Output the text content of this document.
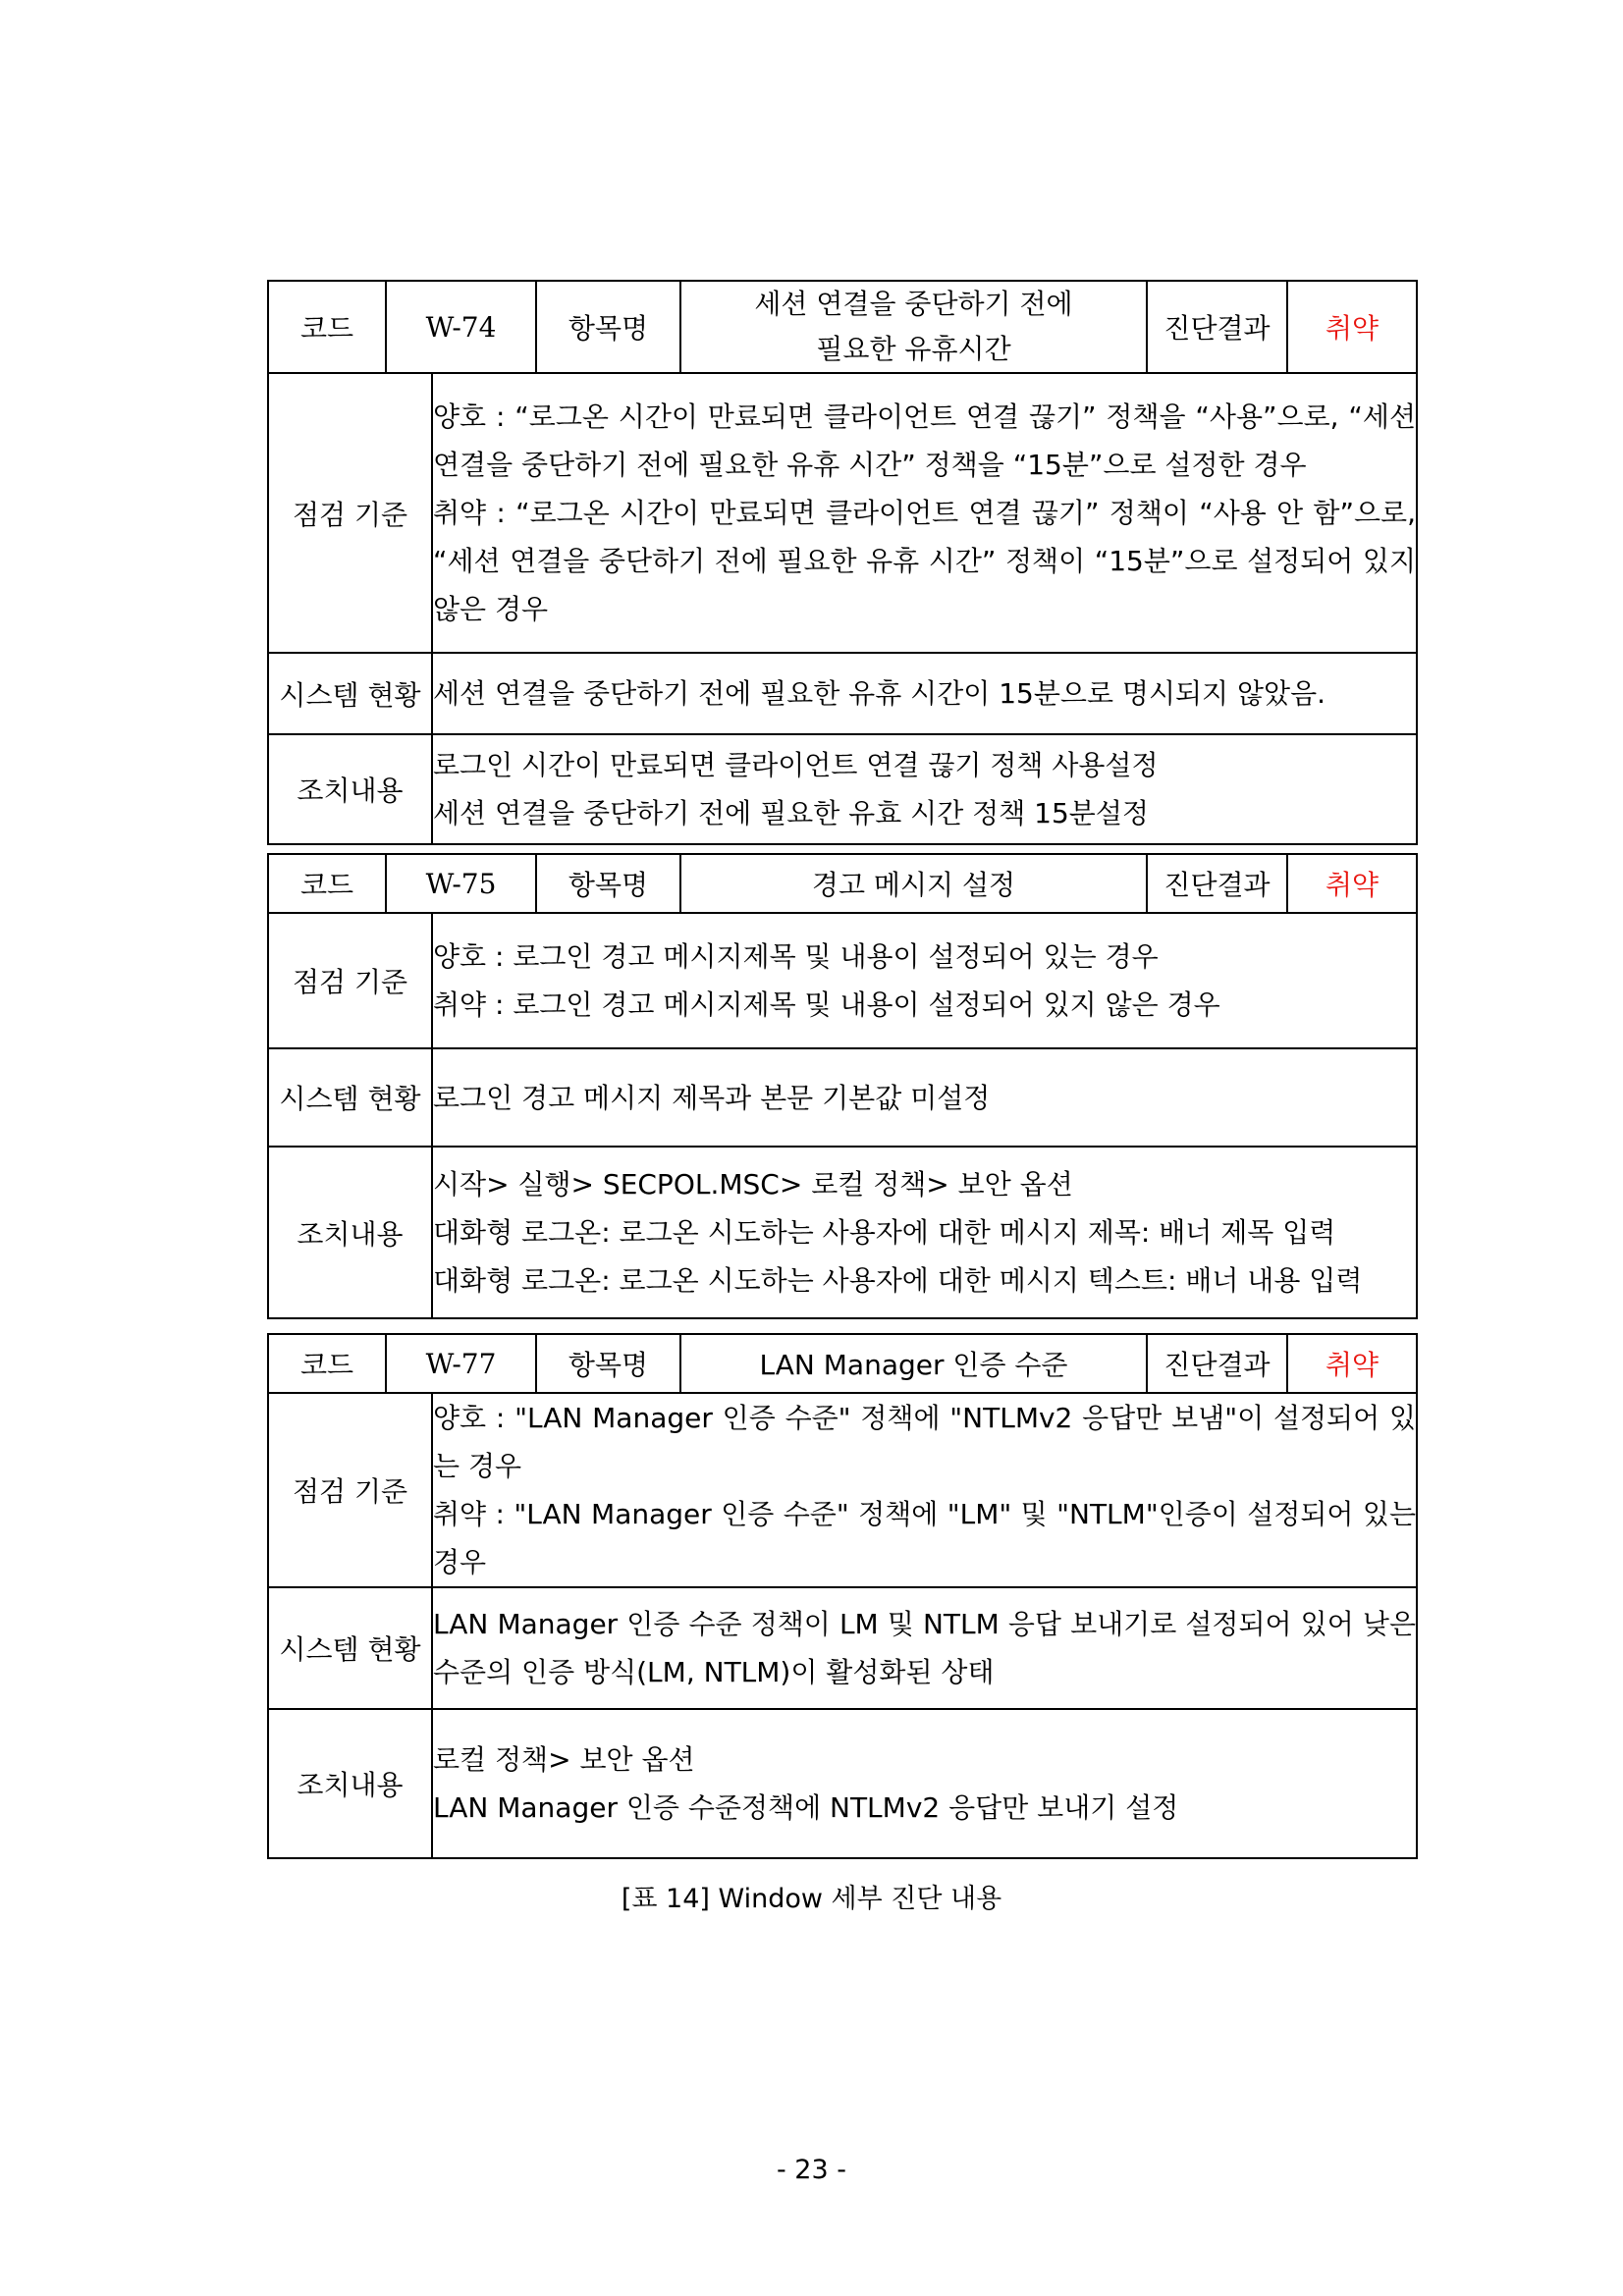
코드	W-74		항목명	세션 연결을 중단하기 전에 필요한 유휴시간	진단결과	취약
점검 기준		양호 : “로그온 시간이 만료되면 클라이언트 연결 끊기” 정책을 “사용”으로, “세션 연결을 중단하기 전에 필요한 유휴 시간” 정책을 “15분”으로 설정한 경우
취약 : “로그온 시간이 만료되면 클라이언트 연결 끊기” 정책이 “사용 안 함”으로, “세션 연결을 중단하기 전에 필요한 유휴 시간” 정책이 “15분”으로 설정되어 있지 않은 경우				

시스템 현황		세션 연결을 중단하기 전에 필요한 유휴 시간이 15분으로 명시되지 않았음.				

조치내용		로그인 시간이 만료되면 클라이언트 연결 끊기 정책 사용설정
세션 연결을 중단하기 전에 필요한 유효 시간 정책 15분설정				
코드	W-75		항목명	경고 메시지 설정	진단결과	취약
점검 기준		양호 : 로그인 경고 메시지제목 및 내용이 설정되어 있는 경우
취약 : 로그인 경고 메시지제목 및 내용이 설정되어 있지 않은 경우				

시스템 현황		로그인 경고 메시지 제목과 본문 기본값 미설정				

조치내용		시작> 실행> SECPOL.MSC> 로컬 정책> 보안 옵션
대화형 로그온: 로그온 시도하는 사용자에 대한 메시지 제목: 배너 제목 입력
대화형 로그온: 로그온 시도하는 사용자에 대한 메시지 텍스트: 배너 내용 입력				
코드	W-77		항목명	LAN Manager 인증 수준	진단결과	취약
점검 기준		양호 : "LAN Manager 인증 수준" 정책에 "NTLMv2 응답만 보냄"이 설정되어 있는 경우
취약 : "LAN Manager 인증 수준" 정책에 "LM" 및 "NTLM"인증이 설정되어 있는 경우				

시스템 현황		LAN Manager 인증 수준 정책이 LM 및 NTLM 응답 보내기로 설정되어 있어 낮은 수준의 인증 방식(LM, NTLM)이 활성화된 상태				

조치내용		로컬 정책> 보안 옵션
LAN Manager 인증 수준정책에 NTLMv2 응답만 보내기 설정				
[표 14] Window 세부 진단 내용
- 23 -
